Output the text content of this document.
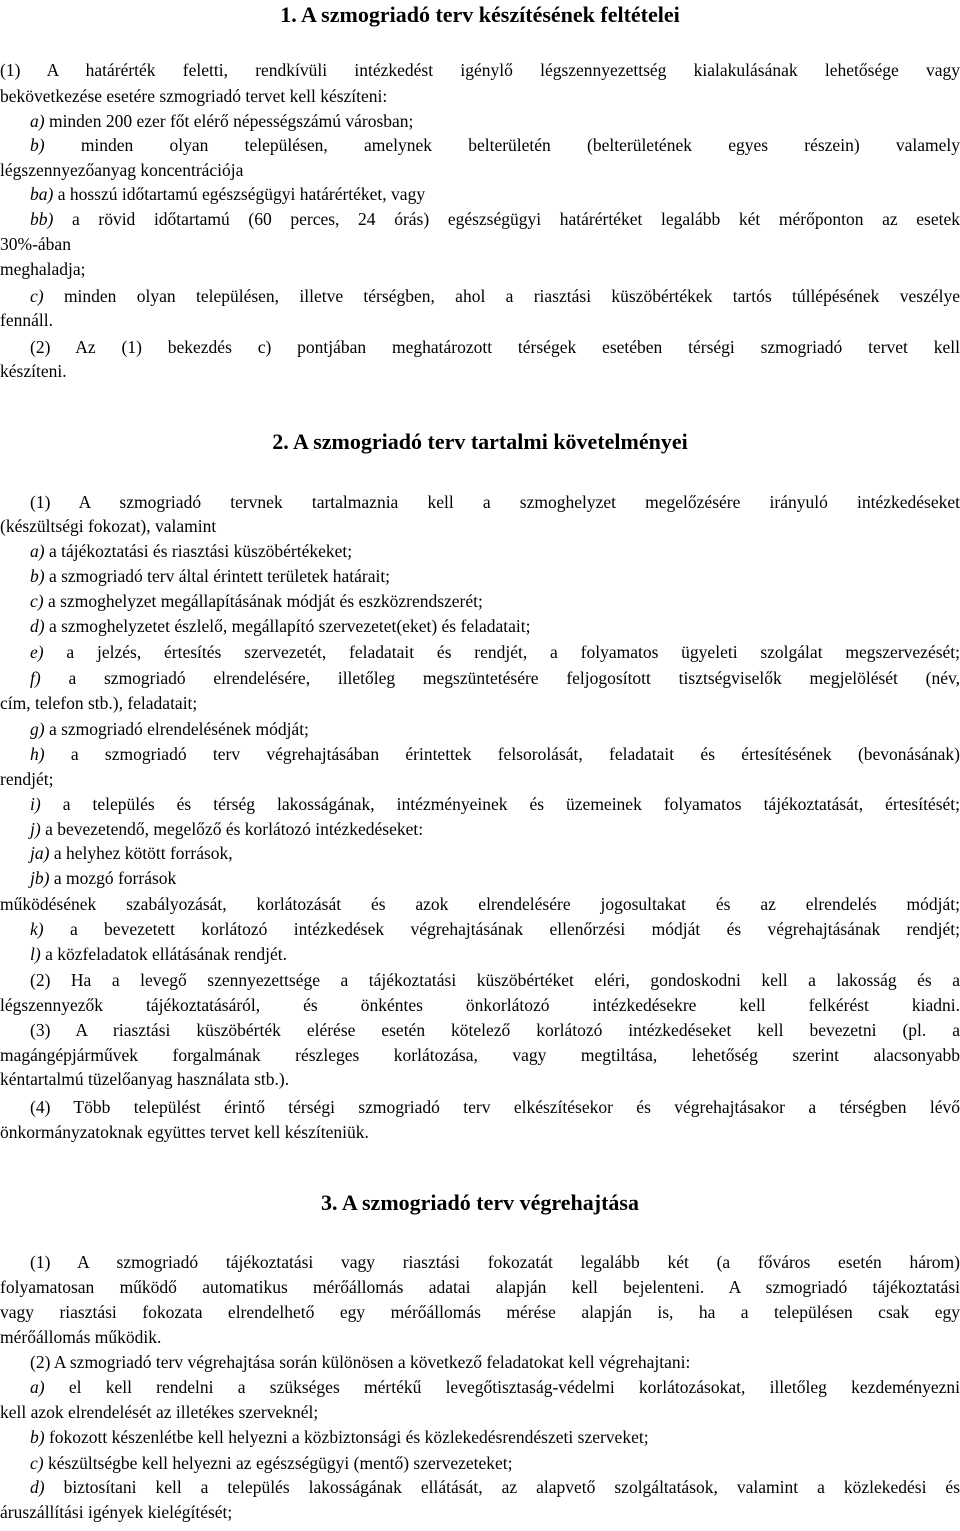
1. A szmogriadó terv készítésének feltételei
(1) A határérték feletti, rendkívüli intézkedést igénylő légszennyezettség kialakulásának lehetősége vagy
bekövetkezése esetére szmogriadó tervet kell készíteni:
a) minden 200 ezer főt elérő népességszámú városban;
b) minden olyan településen, amelynek belterületén (belterületének egyes részein) valamely
légszennyezőanyag koncentrációja
ba) a hosszú időtartamú egészségügyi határértéket, vagy
bb) a rövid időtartamú (60 perces, 24 órás) egészségügyi határértéket legalább két mérőponton az esetek
30%-ában
meghaladja;
c) minden olyan településen, illetve térségben, ahol a riasztási küszöbértékek tartós túllépésének veszélye
fennáll.
(2) Az (1) bekezdés c) pontjában meghatározott térségek esetében térségi szmogriadó tervet kell
készíteni.
2. A szmogriadó terv tartalmi követelményei
(1) A szmogriadó tervnek tartalmaznia kell a szmoghelyzet megelőzésére irányuló intézkedéseket
(készültségi fokozat), valamint
a) a tájékoztatási és riasztási küszöbértékeket;
b) a szmogriadó terv által érintett területek határait;
c) a szmoghelyzet megállapításának módját és eszközrendszerét;
d) a szmoghelyzetet észlelő, megállapító szervezetet(eket) és feladatait;
e) a jelzés, értesítés szervezetét, feladatait és rendjét, a folyamatos ügyeleti szolgálat megszervezését;
f) a szmogriadó elrendelésére, illetőleg megszüntetésére feljogosított tisztségviselők megjelölését (név,
cím, telefon stb.), feladatait;
g) a szmogriadó elrendelésének módját;
h) a szmogriadó terv végrehajtásában érintettek felsorolását, feladatait és értesítésének (bevonásának)
rendjét;
i) a település és térség lakosságának, intézményeinek és üzemeinek folyamatos tájékoztatását, értesítését;
j) a bevezetendő, megelőző és korlátozó intézkedéseket:
ja) a helyhez kötött források,
jb) a mozgó források
működésének szabályozását, korlátozását és azok elrendelésére jogosultakat és az elrendelés módját;
k) a bevezetett korlátozó intézkedések végrehajtásának ellenőrzési módját és végrehajtásának rendjét;
l) a közfeladatok ellátásának rendjét.
(2) Ha a levegő szennyezettsége a tájékoztatási küszöbértéket eléri, gondoskodni kell a lakosság és a
légszennyezők tájékoztatásáról, és önkéntes önkorlátozó intézkedésekre kell felkérést kiadni.
(3) A riasztási küszöbérték elérése esetén kötelező korlátozó intézkedéseket kell bevezetni (pl. a
magángépjárművek forgalmának részleges korlátozása, vagy megtiltása, lehetőség szerint alacsonyabb
kéntartalmú tüzelőanyag használata stb.).
(4) Több települést érintő térségi szmogriadó terv elkészítésekor és végrehajtásakor a térségben lévő
önkormányzatoknak együttes tervet kell készíteniük.
3. A szmogriadó terv végrehajtása
(1) A szmogriadó tájékoztatási vagy riasztási fokozatát legalább két (a főváros esetén három)
folyamatosan működő automatikus mérőállomás adatai alapján kell bejelenteni. A szmogriadó tájékoztatási
vagy riasztási fokozata elrendelhető egy mérőállomás mérése alapján is, ha a településen csak egy
mérőállomás működik.
(2) A szmogriadó terv végrehajtása során különösen a következő feladatokat kell végrehajtani:
a) el kell rendelni a szükséges mértékű levegőtisztaság-védelmi korlátozásokat, illetőleg kezdeményezni
kell azok elrendelését az illetékes szerveknél;
b) fokozott készenlétbe kell helyezni a közbiztonsági és közlekedésrendészeti szerveket;
c) készültségbe kell helyezni az egészségügyi (mentő) szervezeteket;
d) biztosítani kell a település lakosságának ellátását, az alapvető szolgáltatások, valamint a közlekedési és
áruszállítási igények kielégítését;
